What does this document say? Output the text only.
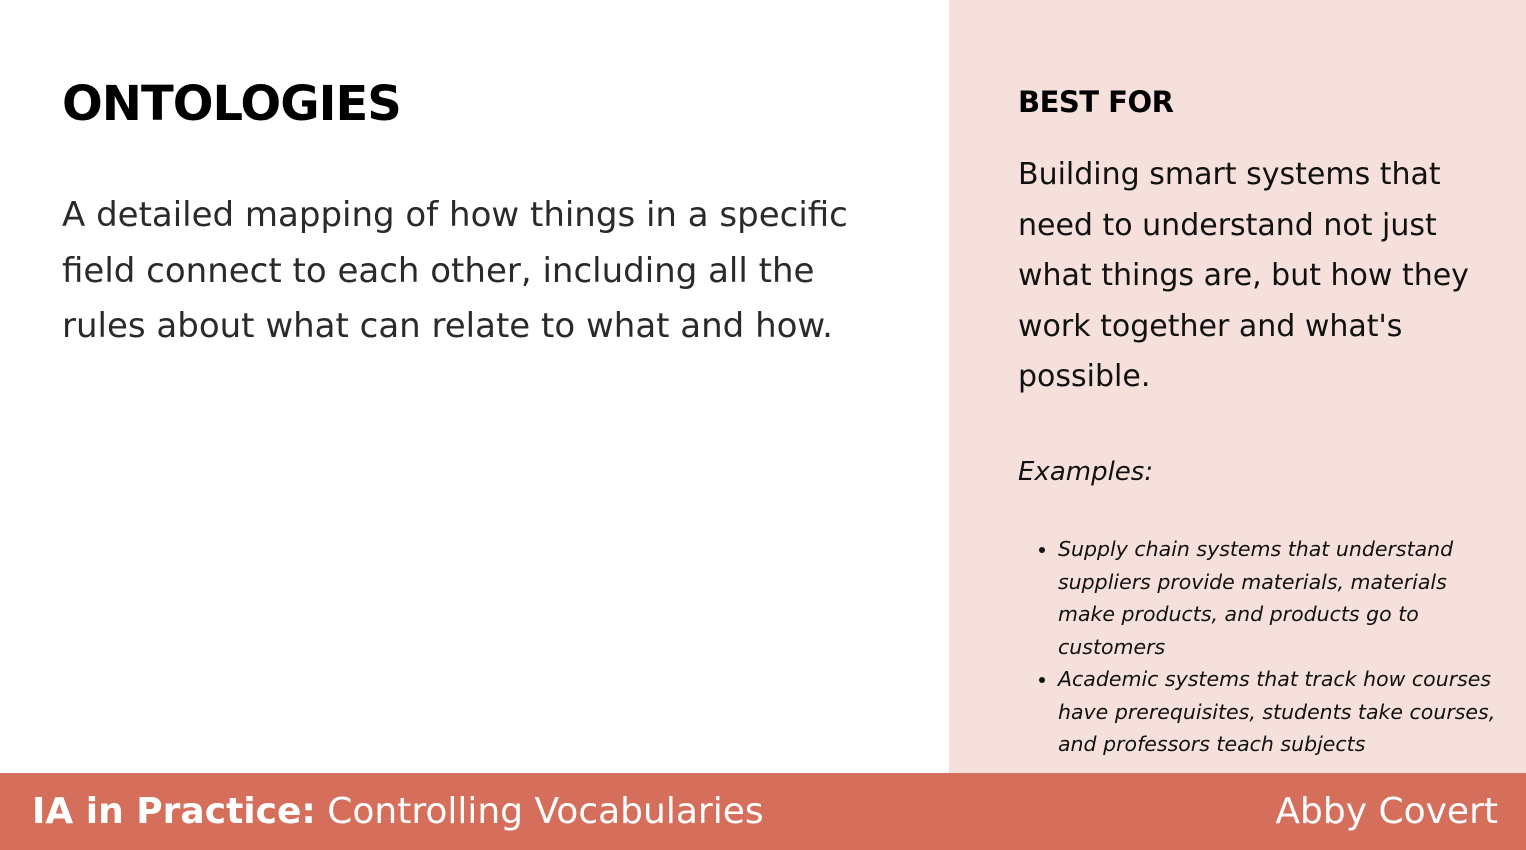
ONTOLOGIES

A detailed mapping of how things in a specific field connect to each other, including all the rules about what can relate to what and how.

BEST FOR

Building smart systems that need to understand not just what things are, but how they work together and what's possible.

Examples:

• Supply chain systems that understand suppliers provide materials, materials make products, and products go to customers
• Academic systems that track how courses have prerequisites, students take courses, and professors teach subjects
IA in Practice: Controlling Vocabularies	Abby Covert
